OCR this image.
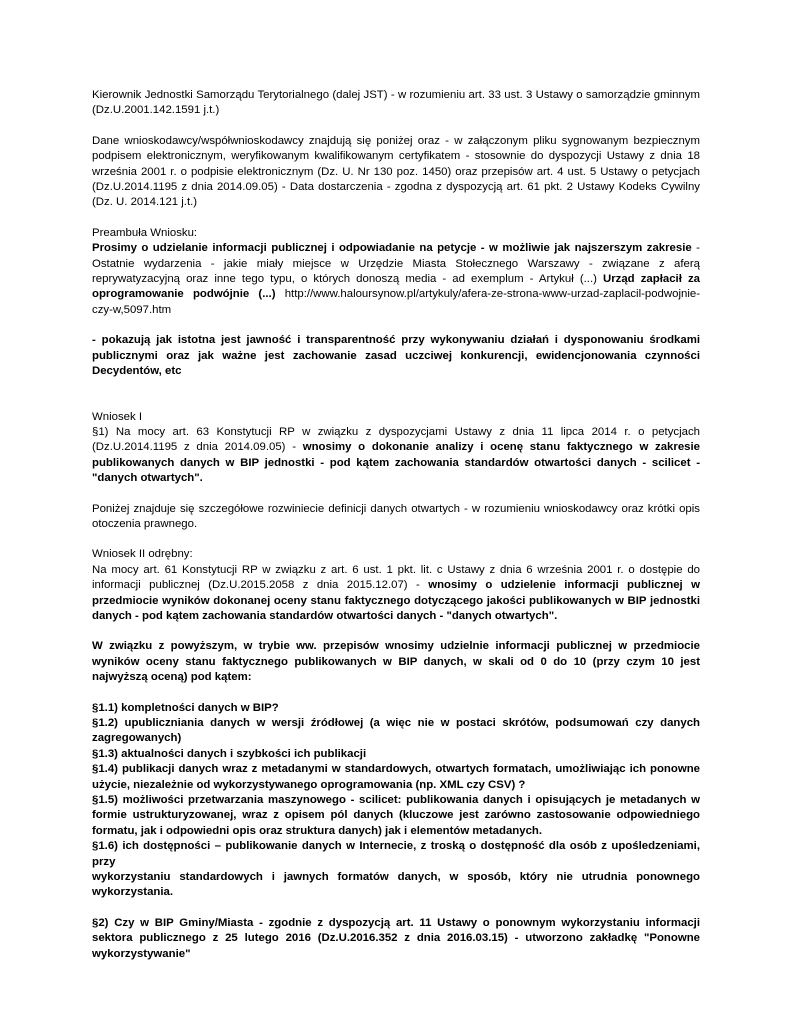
Kierownik Jednostki Samorządu Terytorialnego (dalej JST) - w rozumieniu art. 33 ust. 3 Ustawy o samorządzie gminnym (Dz.U.2001.142.1591 j.t.)

Dane wnioskodawcy/współwnioskodawcy znajdują się poniżej oraz - w załączonym pliku sygnowanym bezpiecznym podpisem elektronicznym, weryfikowanym kwalifikowanym certyfikatem - stosownie do dyspozycji Ustawy z dnia 18 września 2001 r. o podpisie elektronicznym (Dz. U. Nr 130 poz. 1450) oraz przepisów art. 4 ust. 5 Ustawy o petycjach (Dz.U.2014.1195 z dnia 2014.09.05) - Data dostarczenia - zgodna z dyspozycją art. 61 pkt. 2 Ustawy Kodeks Cywilny (Dz. U. 2014.121 j.t.)

Preambuła Wniosku:

Prosimy o udzielanie informacji publicznej i odpowiadanie na petycje - w możliwie jak najszerszym zakresie - Ostatnie wydarzenia - jakie miały miejsce w Urzędzie Miasta Stołecznego Warszawy - związane z aferą reprywatyzacyjną oraz inne tego typu, o których donoszą media - ad exemplum - Artykuł (...) Urząd zapłacił za oprogramowanie podwójnie (...) http://www.haloursynow.pl/artykuly/afera-ze-strona-www-urzad-zaplacil-podwojnie-czy-w,5097.htm

- pokazują jak istotna jest jawność i transparentność przy wykonywaniu działań i dysponowaniu środkami publicznymi oraz jak ważne jest zachowanie zasad uczciwej konkurencji, ewidencjonowania czynności Decydentów, etc

Wniosek I

§1) Na mocy art. 63 Konstytucji RP w związku z dyspozycjami Ustawy z dnia 11 lipca 2014 r. o petycjach (Dz.U.2014.1195 z dnia 2014.09.05) - wnosimy o dokonanie analizy i ocenę stanu faktycznego w zakresie publikowanych danych w BIP jednostki - pod kątem zachowania standardów otwartości danych - scilicet - "danych otwartych".

Poniżej znajduje się szczegółowe rozwiniecie definicji danych otwartych - w rozumieniu wnioskodawcy oraz krótki opis otoczenia prawnego.

Wniosek II odrębny:

Na mocy art. 61 Konstytucji RP w związku z art. 6 ust. 1 pkt. lit. c Ustawy z dnia 6 września 2001 r. o dostępie do informacji publicznej (Dz.U.2015.2058 z dnia 2015.12.07) - wnosimy o udzielenie informacji publicznej w przedmiocie wyników dokonanej oceny stanu faktycznego dotyczącego jakości publikowanych w BIP jednostki danych - pod kątem zachowania standardów otwartości danych - "danych otwartych".

W związku z powyższym, w trybie ww. przepisów wnosimy udzielnie informacji publicznej w przedmiocie wyników oceny stanu faktycznego publikowanych w BIP danych, w skali od 0 do 10 (przy czym 10 jest najwyższą oceną) pod kątem:

§1.1) kompletności danych w BIP?

§1.2) upubliczniania danych w wersji źródłowej (a więc nie w postaci skrótów, podsumowań czy danych zagregowanych)

§1.3) aktualności danych i szybkości ich publikacji

§1.4) publikacji danych wraz z metadanymi w standardowych, otwartych formatach, umożliwiając ich ponowne użycie, niezależnie od wykorzystywanego oprogramowania (np. XML czy CSV) ?

§1.5) możliwości przetwarzania maszynowego - scilicet: publikowania danych i opisujących je metadanych w formie ustrukturyzowanej, wraz z opisem pól danych (kluczowe jest zarówno zastosowanie odpowiedniego formatu, jak i odpowiedni opis oraz struktura danych) jak i elementów metadanych.

§1.6) ich dostępności – publikowanie danych w Internecie, z troską o dostępność dla osób z upośledzeniami, przy

wykorzystaniu standardowych i jawnych formatów danych, w sposób, który nie utrudnia ponownego wykorzystania.

§2) Czy w BIP Gminy/Miasta - zgodnie z dyspozycją art. 11 Ustawy o ponownym wykorzystaniu informacji sektora publicznego z 25 lutego 2016 (Dz.U.2016.352 z dnia 2016.03.15) - utworzono zakładkę "Ponowne wykorzystywanie"
